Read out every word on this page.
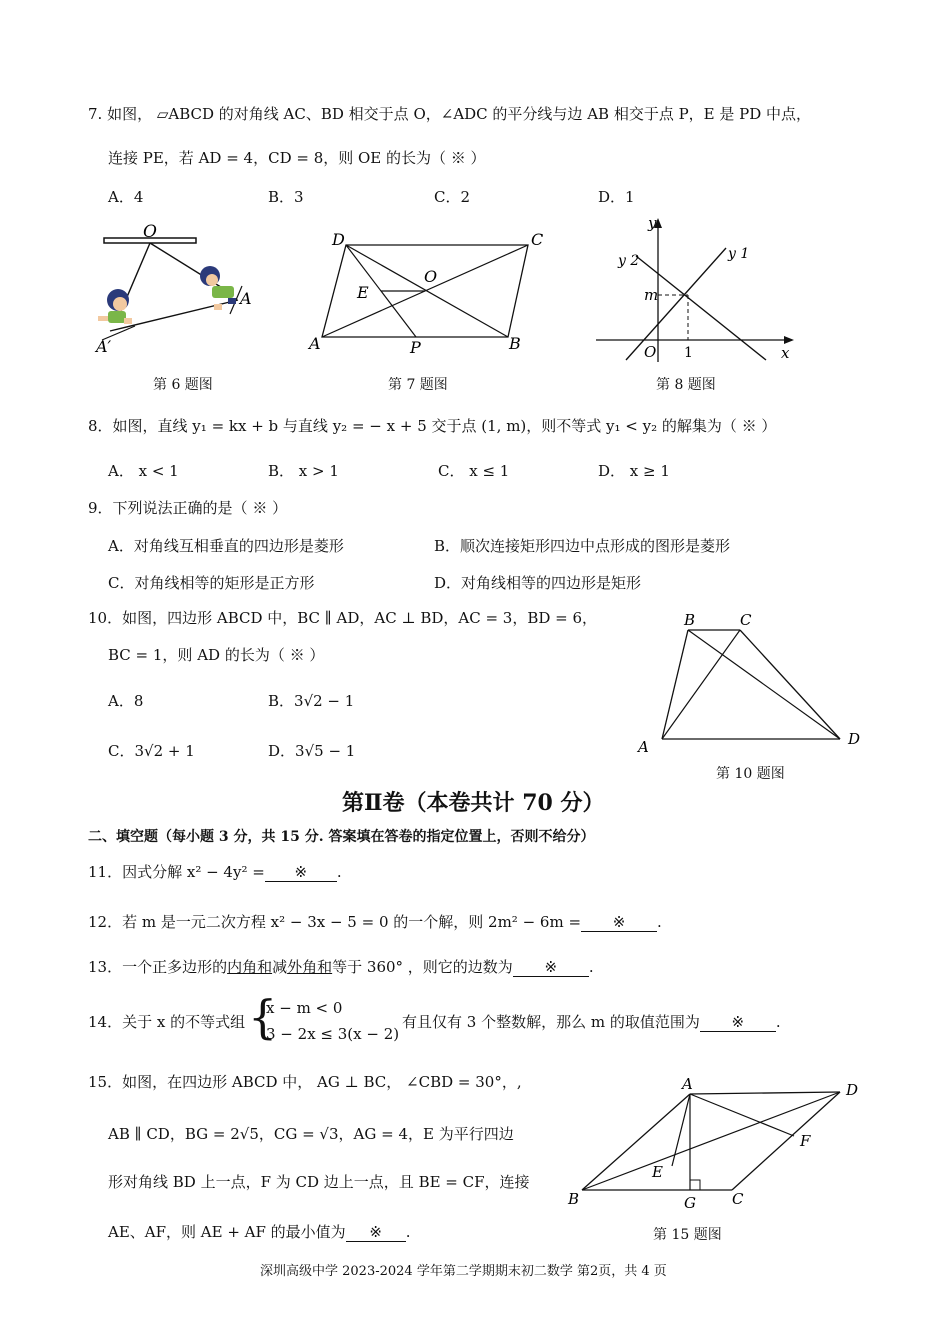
7. 如图， ▱ABCD 的对角线 AC、BD 相交于点 O，∠ADC 的平分线与边 AB 相交于点 P，E 是 PD 中点，
连接 PE，若 AD = 4，CD = 8，则 OE 的长为（ ※ ）
A．4	B．3	C．2	D．1
O
A
A′
第 6 题图
D	C
O
E
A	P	B
第 7 题图
y
y 2	y 1
m
O 1	x
第 8 题图
8．如图，直线 y₁ = kx + b 与直线 y₂ = − x + 5 交于点 (1, m)，则不等式 y₁ < y₂ 的解集为（ ※ ）
A． x < 1	B． x > 1	C． x ≤ 1	D． x ≥ 1
9．下列说法正确的是（ ※ ）
A．对角线互相垂直的四边形是菱形	B．顺次连接矩形四边中点形成的图形是菱形
C．对角线相等的矩形是正方形	D．对角线相等的四边形是矩形
10．如图，四边形 ABCD 中，BC ∥ AD，AC ⊥ BD，AC = 3，BD = 6，
BC = 1，则 AD 的长为（ ※ ）
A．8	B．3√2 − 1
C．3√2 + 1	D．3√5 − 1
B	C
A	D
第 10 题图
第Ⅱ卷（本卷共计 70 分）
二、填空题（每小题 3 分，共 15 分. 答案填在答卷的指定位置上，否则不给分）
11．因式分解 x² − 4y² = ※ .
12．若 m 是一元二次方程 x² − 3x − 5 = 0 的一个解，则 2m² − 6m = ※ .
13．一个正多边形的内角和减外角和等于 360° ，则它的边数为 ※ .
14．关于 x 的不等式组 {
x − m < 0
3 − 2x ≤ 3(x − 2)
有且仅有 3 个整数解，那么 m 的取值范围为 ※ .
15．如图，在四边形 ABCD 中， AG ⊥ BC， ∠CBD = 30°，,
AB ∥ CD，BG = 2√5，CG = √3，AG = 4，E 为平行四边
形对角线 BD 上一点，F 为 CD 边上一点，且 BE = CF，连接
AE、AF，则 AE + AF 的最小值为 ※ .
A	D
F
E
B	G C
第 15 题图
深圳高级中学 2023-2024 学年第二学期期末初二数学 第2页，共 4 页
